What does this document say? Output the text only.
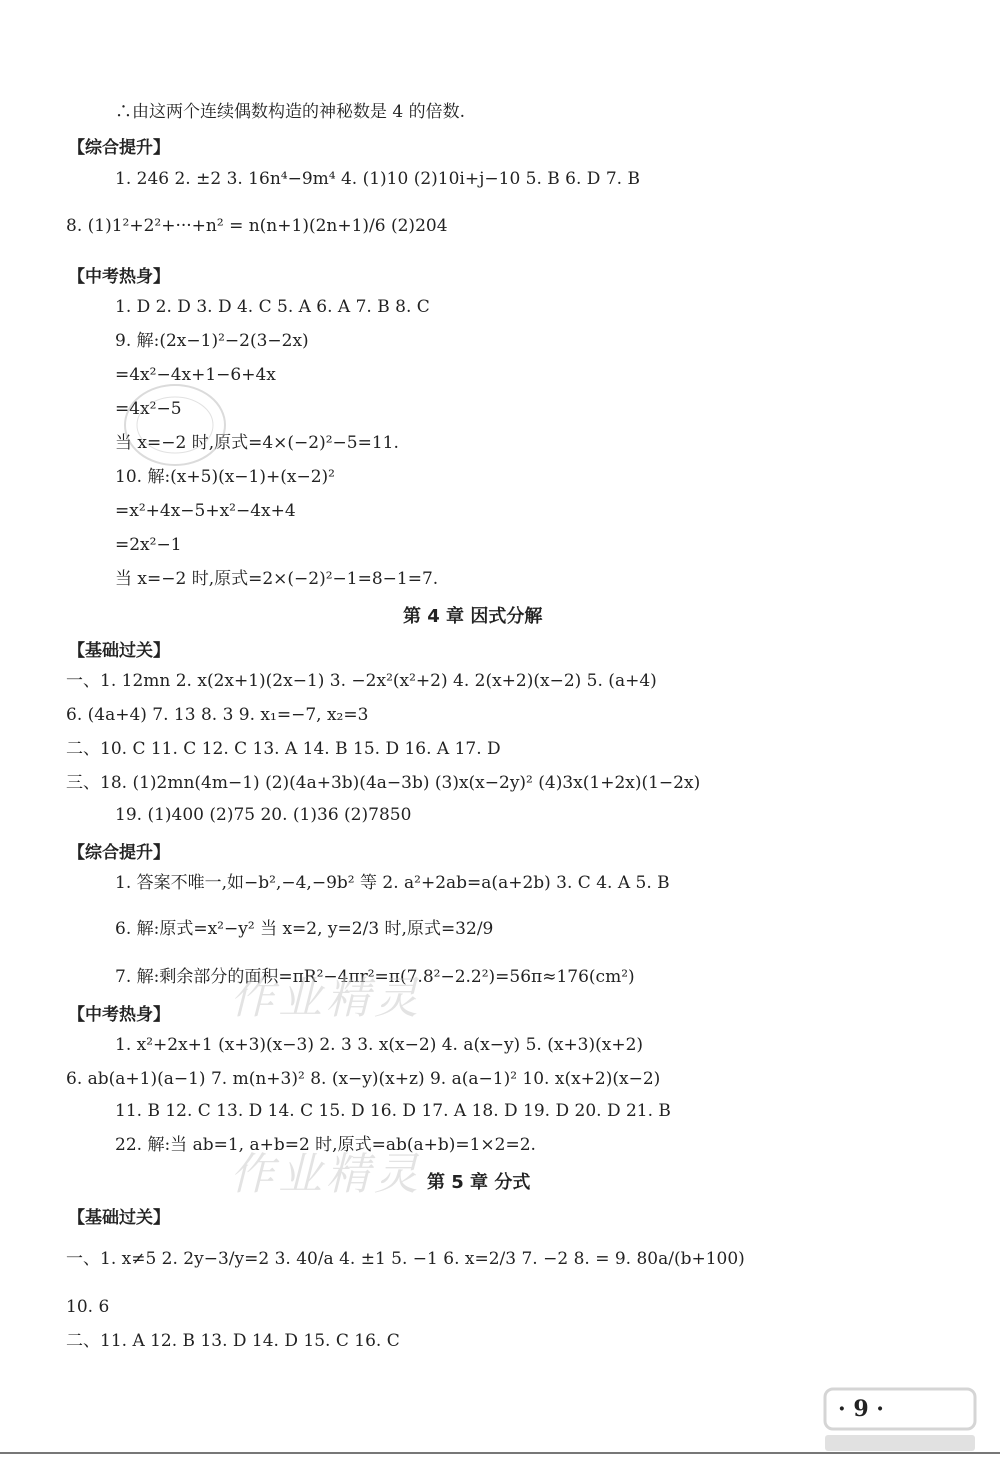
∴由这两个连续偶数构造的神秘数是 4 的倍数.
【综合提升】
1. 246 2. ±2 3. 16n⁴−9m⁴ 4. (1)10 (2)10i+j−10 5. B 6. D 7. B
8. (1)1²+2²+···+n² = n(n+1)(2n+1)/6 (2)204
【中考热身】
1. D 2. D 3. D 4. C 5. A 6. A 7. B 8. C
9. 解:(2x−1)²−2(3−2x)
=4x²−4x+1−6+4x
=4x²−5
当 x=−2 时,原式=4×(−2)²−5=11.
10. 解:(x+5)(x−1)+(x−2)²
=x²+4x−5+x²−4x+4
=2x²−1
当 x=−2 时,原式=2×(−2)²−1=8−1=7.
第 4 章 因式分解
【基础过关】
一、1. 12mn 2. x(2x+1)(2x−1) 3. −2x²(x²+2) 4. 2(x+2)(x−2) 5. (a+4)
6. (4a+4) 7. 13 8. 3 9. x₁=−7, x₂=3
二、10. C 11. C 12. C 13. A 14. B 15. D 16. A 17. D
三、18. (1)2mn(4m−1) (2)(4a+3b)(4a−3b) (3)x(x−2y)² (4)3x(1+2x)(1−2x)
19. (1)400 (2)75 20. (1)36 (2)7850
【综合提升】
1. 答案不唯一,如−b²,−4,−9b² 等 2. a²+2ab=a(a+2b) 3. C 4. A 5. B
6. 解:原式=x²−y² 当 x=2, y=2/3 时,原式=32/9
7. 解:剩余部分的面积=πR²−4πr²=π(7.8²−2.2²)=56π≈176(cm²)
【中考热身】
1. x²+2x+1 (x+3)(x−3) 2. 3 3. x(x−2) 4. a(x−y) 5. (x+3)(x+2)
6. ab(a+1)(a−1) 7. m(n+3)² 8. (x−y)(x+z) 9. a(a−1)² 10. x(x+2)(x−2)
11. B 12. C 13. D 14. C 15. D 16. D 17. A 18. D 19. D 20. D 21. B
22. 解:当 ab=1, a+b=2 时,原式=ab(a+b)=1×2=2.
第 5 章 分式
【基础过关】
一、1. x≠5 2. 2y−3/y=2 3. 40/a 4. ±1 5. −1 6. x=2/3 7. −2 8. = 9. 80a/(b+100)
10. 6
二、11. A 12. B 13. D 14. D 15. C 16. C
作业精灵
作业精灵
· 9 ·
